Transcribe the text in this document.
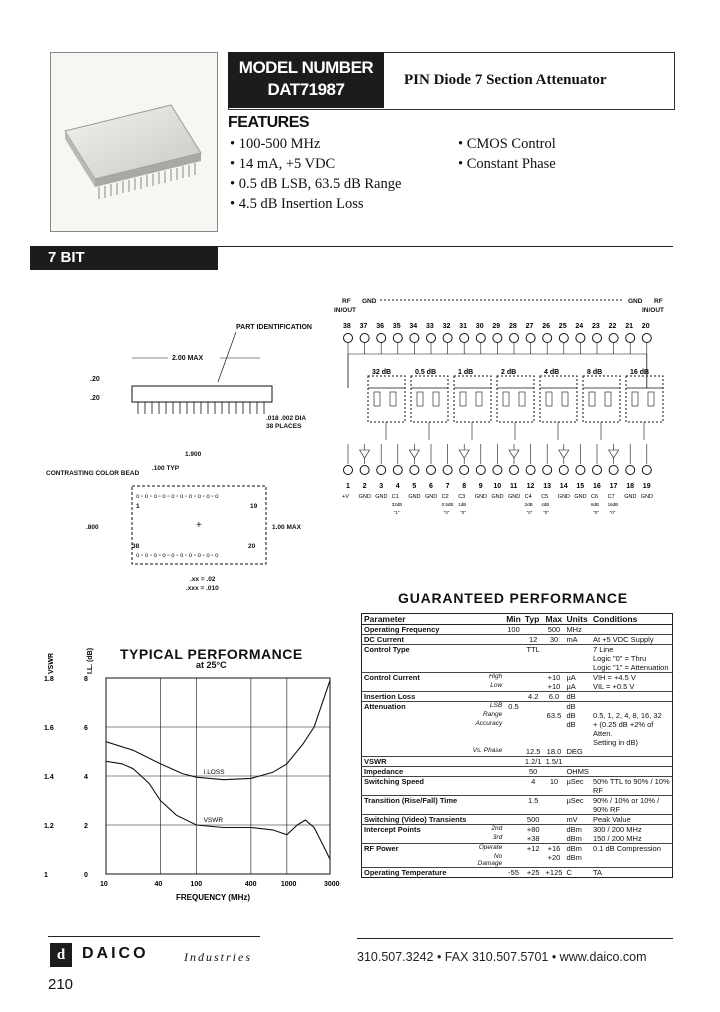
MODEL NUMBER
DAT71987	PIN Diode 7 Section Attenuator
FEATURES
• 100-500 MHz
• 14 mA, +5 VDC
• 0.5 dB LSB, 63.5 dB Range
• 4.5 dB Insertion Loss
• CMOS Control
• Constant Phase
7 BIT
PART IDENTIFICATION
2.00 MAX
.20
.20
.018 .002 DIA
38 PLACES
1.900
.100 TYP
CONTRASTING COLOR BEAD
1	19
38	20
.800	1.00 MAX
.xx = .02
.xxx = .010
o ▫ o ▫ o ▫ o ▫ o ▫ o ▫ o ▫ o ▫ o ▫ o
o ▫ o ▫ o ▫ o ▫ o ▫ o ▫ o ▫ o ▫ o ▫ o
+
RF GND
IN/OUT
GND RF
IN/OUT
38 37 36 35 34 33 32 31 30 29 28 27 26 25 24 23 22 21 20
32 dB	0.5 dB	1 dB	2 dB	4 dB	8 dB	16 dB
1
+V
2
GND
3
GND
4
C1
32dB
"1"
5
GND
6
GND
7
C2
0.5dB
"0"
8
C3
1dB
"0"
9
GND
10
GND
11
GND
12
C4
2dB
"0"
13
C5
4dB
"0"
14
GND
15
GND
16
C6
8dB
"0"
17
C7
16dB
"0"
18
GND
19
GND
TYPICAL PERFORMANCE
at 25°C
10	40	100	400	1000	3000
1
1.2
1.4
1.6
1.8
0
2
4
6
8
VSWR	I.L. (dB)
FREQUENCY (MHz)
I.LOSS
VSWR
GUARANTEED PERFORMANCE
Parameter		Min	Typ	Max	Units	Conditions
Operating Frequency		100		500	MHz	
DC Current			12	30	mA	At +5 VDC Supply
Control Type			TTL			7 Line
						Logic "0" = Thru
						Logic "1" = Attenuation
Control Current	High			+10	µA	VIH = +4.5 V
	Low			+10	µA	VIL = +0.5 V
Insertion Loss			4.2	6.0	dB	
Attenuation	LSB	0.5			dB	
	Range			63.5	dB	0.5, 1, 2, 4, 8, 16, 32
	Accuracy				dB	+ (0.25 dB +2% of Atten.
						Setting in dB)
	Vs. Phase		12.5	18.0	DEG	
VSWR			1.2/1	1.5/1		
Impedance			50		OHMS	
Switching Speed			4	10	µSec	50% TTL to 90% / 10% RF
Transition (Rise/Fall) Time			1.5		µSec	90% / 10% or 10% / 90% RF
Switching (Video) Transients			500		mV	Peak Value
Intercept Points	2nd		+80		dBm	300 / 200 MHz
	3rd		+38		dBm	150 / 200 MHz
RF Power	Operate		+12	+16	dBm	0.1 dB Compression
	No Damage			+20	dBm	
Operating Temperature		-55	+25	+125	C	TA
d	DAICO	Industries
210
310.507.3242 • FAX 310.507.5701 • www.daico.com
